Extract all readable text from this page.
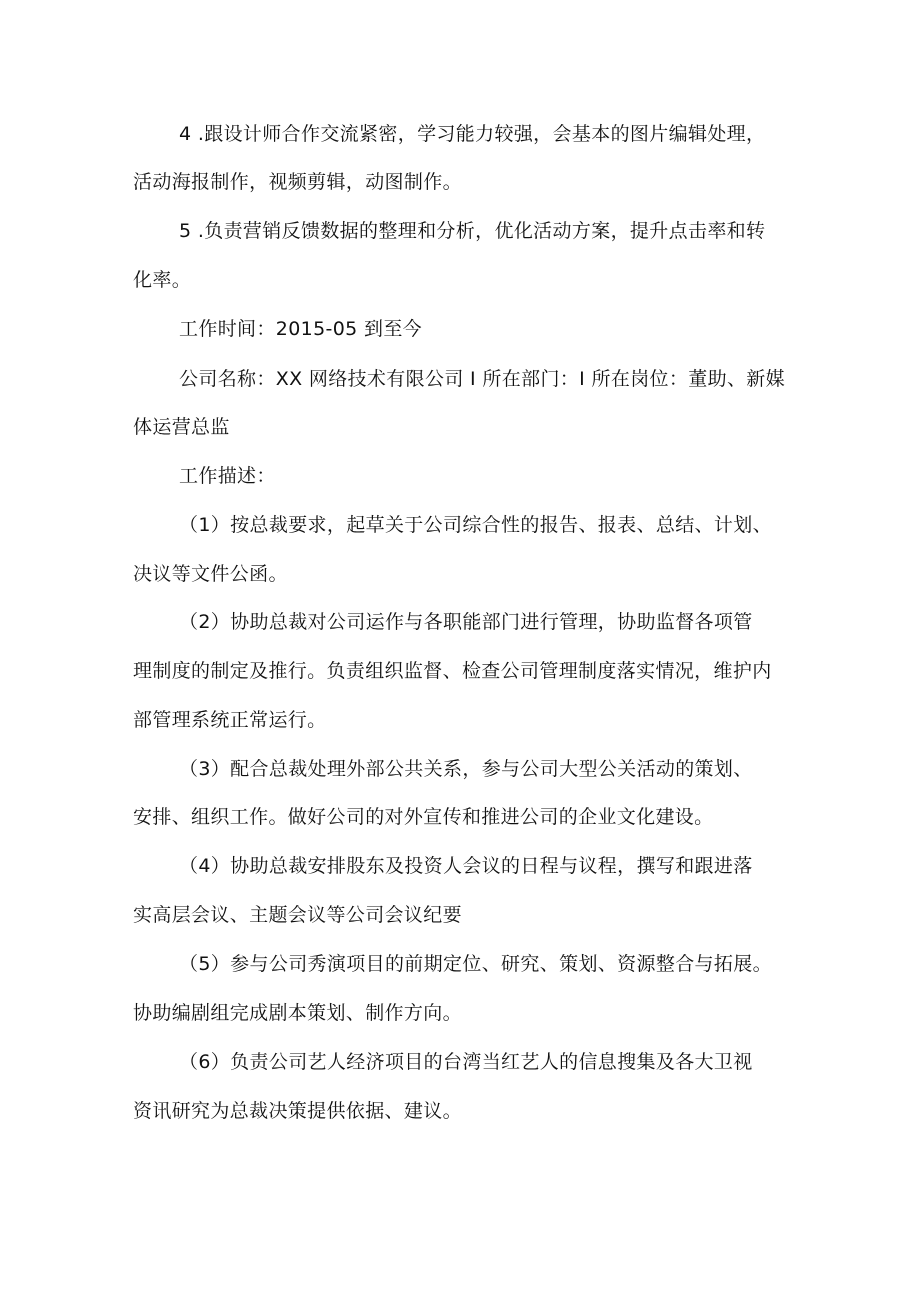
4 .跟设计师合作交流紧密，学习能力较强，会基本的图片编辑处理，
活动海报制作，视频剪辑，动图制作。
5 .负责营销反馈数据的整理和分析，优化活动方案，提升点击率和转
化率。
工作时间：2015-05 到至今
公司名称：XX 网络技术有限公司 I 所在部门：I 所在岗位：董助、新媒
体运营总监
工作描述：
（1）按总裁要求，起草关于公司综合性的报告、报表、总结、计划、
决议等文件公函。
（2）协助总裁对公司运作与各职能部门进行管理，协助监督各项管
理制度的制定及推行。负责组织监督、检查公司管理制度落实情况，维护内
部管理系统正常运行。
（3）配合总裁处理外部公共关系，参与公司大型公关活动的策划、
安排、组织工作。做好公司的对外宣传和推进公司的企业文化建设。
（4）协助总裁安排股东及投资人会议的日程与议程，撰写和跟进落
实高层会议、主题会议等公司会议纪要
（5）参与公司秀演项目的前期定位、研究、策划、资源整合与拓展。
协助编剧组完成剧本策划、制作方向。
（6）负责公司艺人经济项目的台湾当红艺人的信息搜集及各大卫视
资讯研究为总裁决策提供依据、建议。
